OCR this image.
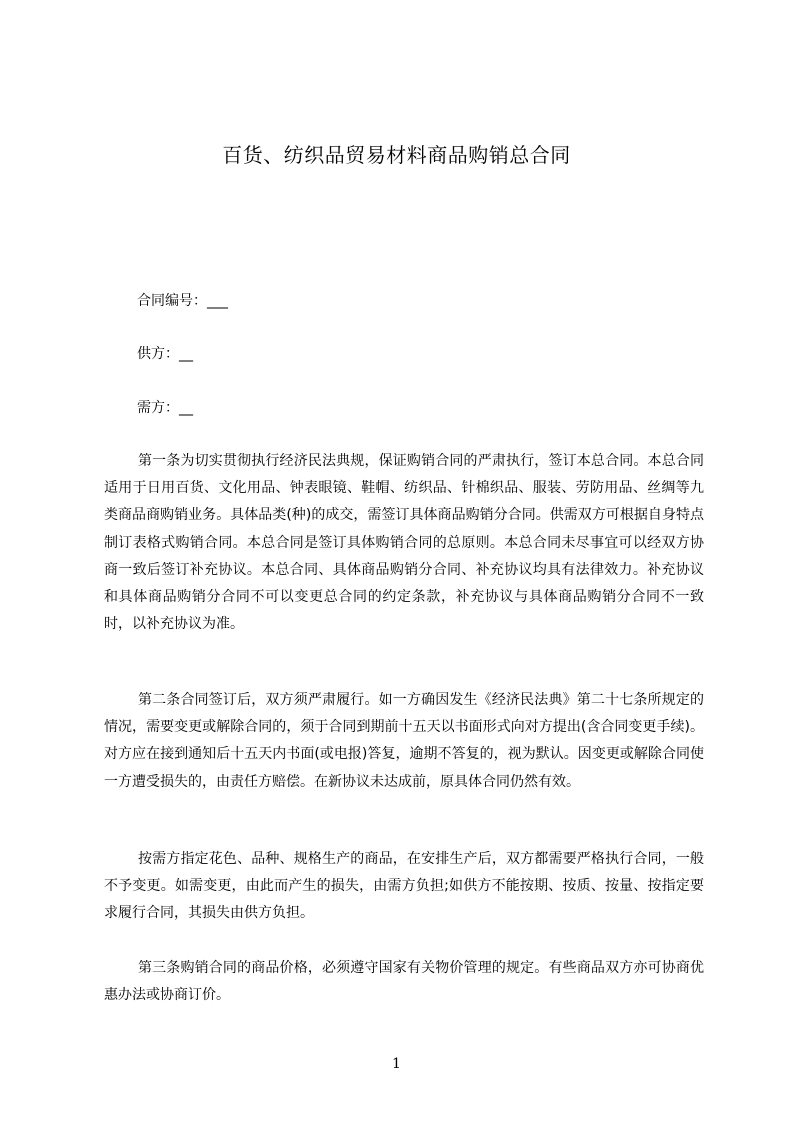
百货、纺织品贸易材料商品购销总合同
合同编号：___
供方：__
需方：__
第一条为切实贯彻执行经济民法典规，保证购销合同的严肃执行，签订本总合同。本总合同适用于日用百货、文化用品、钟表眼镜、鞋帽、纺织品、针棉织品、服装、劳防用品、丝绸等九类商品商购销业务。具体品类(种)的成交，需签订具体商品购销分合同。供需双方可根据自身特点制订表格式购销合同。本总合同是签订具体购销合同的总原则。本总合同未尽事宜可以经双方协商一致后签订补充协议。本总合同、具体商品购销分合同、补充协议均具有法律效力。补充协议和具体商品购销分合同不可以变更总合同的约定条款，补充协议与具体商品购销分合同不一致时，以补充协议为准。
第二条合同签订后，双方须严肃履行。如一方确因发生《经济民法典》第二十七条所规定的情况，需要变更或解除合同的，须于合同到期前十五天以书面形式向对方提出(含合同变更手续)。对方应在接到通知后十五天内书面(或电报)答复，逾期不答复的，视为默认。因变更或解除合同使一方遭受损失的，由责任方赔偿。在新协议未达成前，原具体合同仍然有效。
按需方指定花色、品种、规格生产的商品，在安排生产后，双方都需要严格执行合同，一般不予变更。如需变更，由此而产生的损失，由需方负担;如供方不能按期、按质、按量、按指定要求履行合同，其损失由供方负担。
第三条购销合同的商品价格，必须遵守国家有关物价管理的规定。有些商品双方亦可协商优惠办法或协商订价。
1
